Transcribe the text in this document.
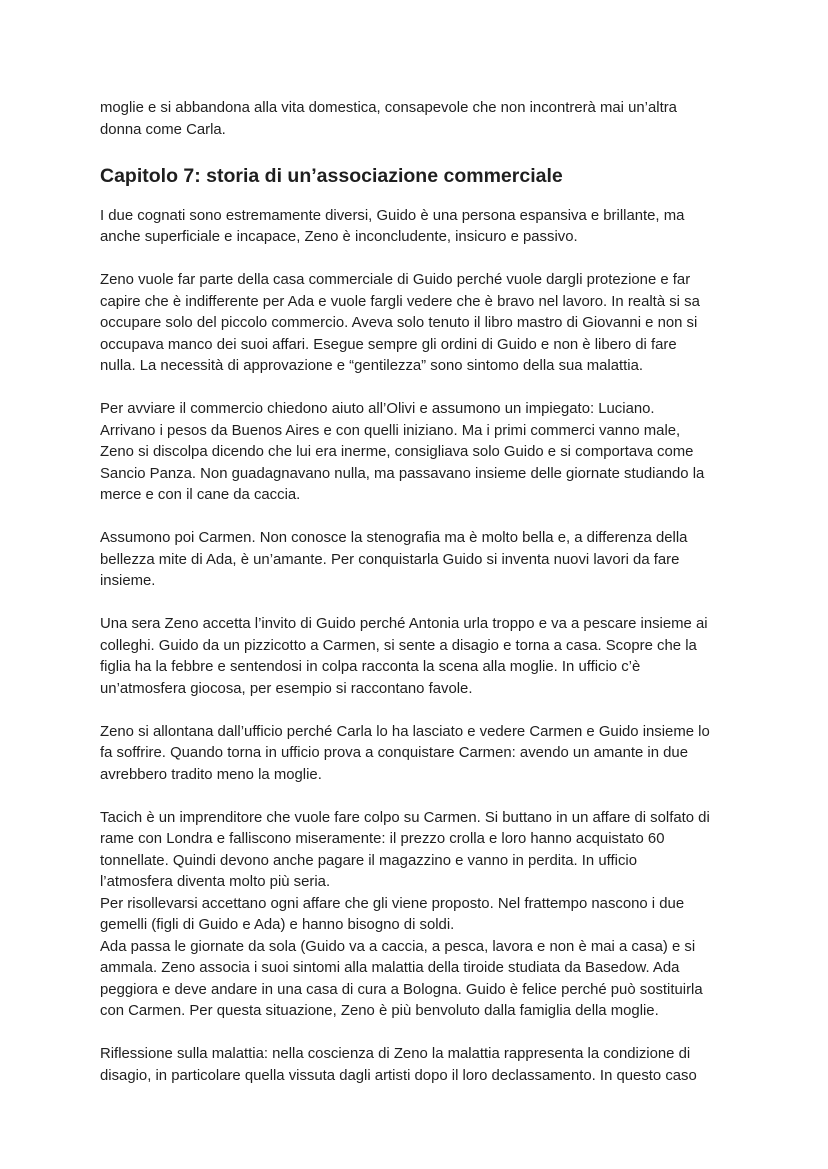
moglie e si abbandona alla vita domestica, consapevole che non incontrerà mai un’altra
donna come Carla.

Capitolo 7: storia di un’associazione commerciale

I due cognati sono estremamente diversi, Guido è una persona espansiva e brillante, ma
anche superficiale e incapace, Zeno è inconcludente, insicuro e passivo.

Zeno vuole far parte della casa commerciale di Guido perché vuole dargli protezione e far
capire che è indifferente per Ada e vuole fargli vedere che è bravo nel lavoro. In realtà si sa
occupare solo del piccolo commercio. Aveva solo tenuto il libro mastro di Giovanni e non si
occupava manco dei suoi affari. Esegue sempre gli ordini di Guido e non è libero di fare
nulla. La necessità di approvazione e “gentilezza” sono sintomo della sua malattia.

Per avviare il commercio chiedono aiuto all’Olivi e assumono un impiegato: Luciano.
Arrivano i pesos da Buenos Aires e con quelli iniziano. Ma i primi commerci vanno male,
Zeno si discolpa dicendo che lui era inerme, consigliava solo Guido e si comportava come
Sancio Panza. Non guadagnavano nulla, ma passavano insieme delle giornate studiando la
merce e con il cane da caccia.

Assumono poi Carmen. Non conosce la stenografia ma è molto bella e, a differenza della
bellezza mite di Ada, è un’amante. Per conquistarla Guido si inventa nuovi lavori da fare
insieme.

Una sera Zeno accetta l’invito di Guido perché Antonia urla troppo e va a pescare insieme ai
colleghi. Guido da un pizzicotto a Carmen, si sente a disagio e torna a casa. Scopre che la
figlia ha la febbre e sentendosi in colpa racconta la scena alla moglie. In ufficio c’è
un’atmosfera giocosa, per esempio si raccontano favole.

Zeno si allontana dall’ufficio perché Carla lo ha lasciato e vedere Carmen e Guido insieme lo
fa soffrire. Quando torna in ufficio prova a conquistare Carmen: avendo un amante in due
avrebbero tradito meno la moglie.

Tacich è un imprenditore che vuole fare colpo su Carmen. Si buttano in un affare di solfato di
rame con Londra e falliscono miseramente: il prezzo crolla e loro hanno acquistato 60
tonnellate. Quindi devono anche pagare il magazzino e vanno in perdita. In ufficio
l’atmosfera diventa molto più seria.
Per risollevarsi accettano ogni affare che gli viene proposto. Nel frattempo nascono i due
gemelli (figli di Guido e Ada) e hanno bisogno di soldi.
Ada passa le giornate da sola (Guido va a caccia, a pesca, lavora e non è mai a casa) e si
ammala. Zeno associa i suoi sintomi alla malattia della tiroide studiata da Basedow. Ada
peggiora e deve andare in una casa di cura a Bologna. Guido è felice perché può sostituirla
con Carmen. Per questa situazione, Zeno è più benvoluto dalla famiglia della moglie.

Riflessione sulla malattia: nella coscienza di Zeno la malattia rappresenta la condizione di
disagio, in particolare quella vissuta dagli artisti dopo il loro declassamento. In questo caso
